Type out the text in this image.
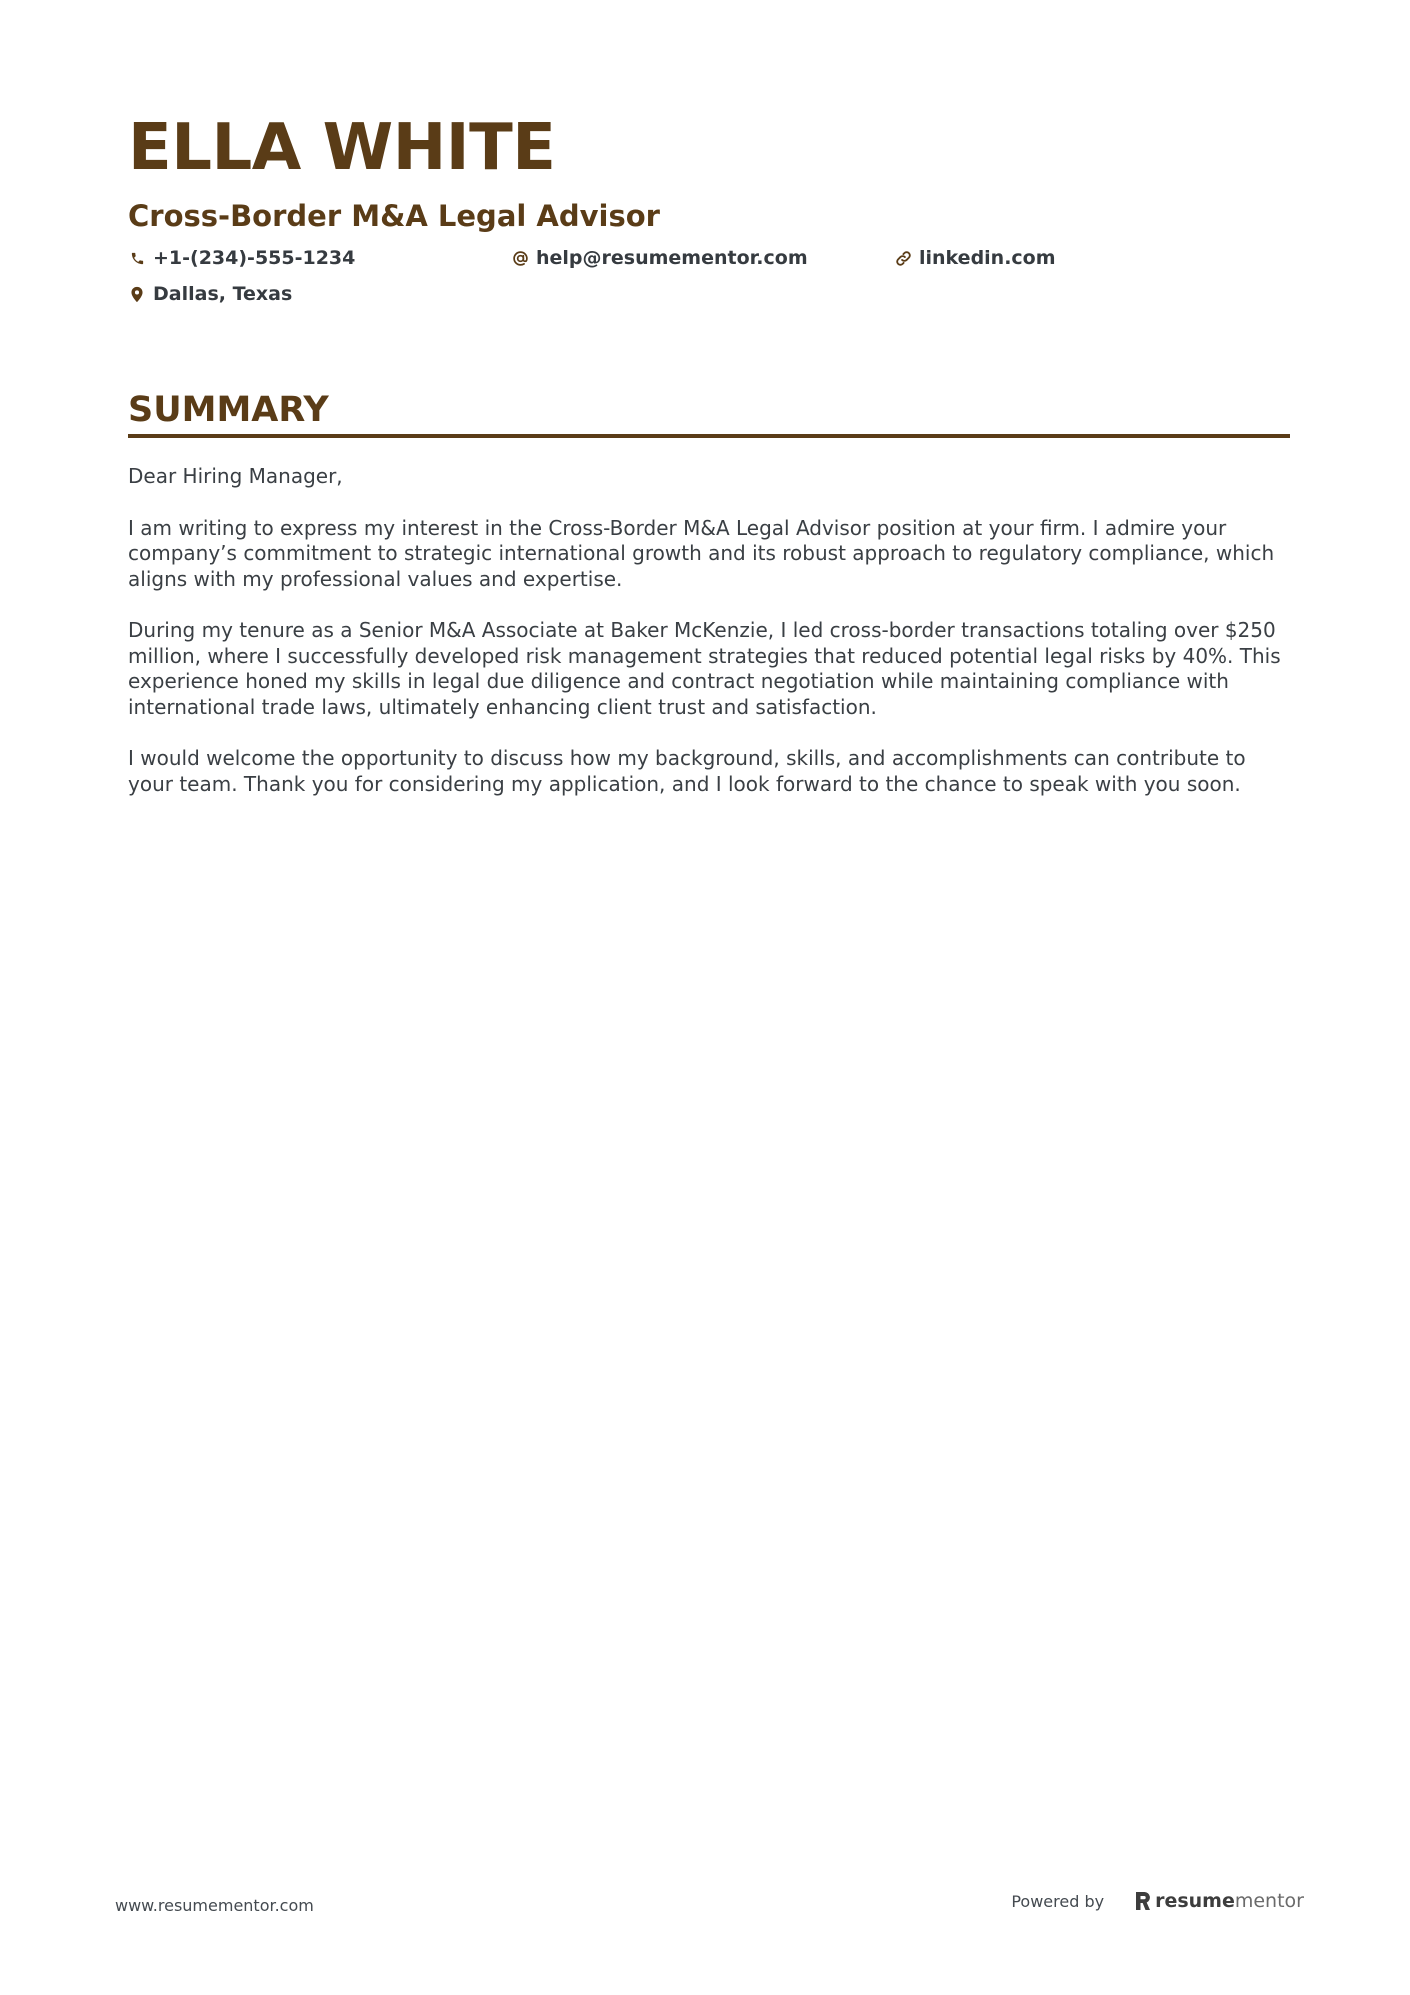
ELLA WHITE
Cross-Border M&A Legal Advisor
+1-(234)-555-1234	help@resumementor.com	linkedin.com
Dallas, Texas
SUMMARY

Dear Hiring Manager,

I am writing to express my interest in the Cross-Border M&A Legal Advisor position at your firm. I admire your company’s commitment to strategic international growth and its robust approach to regulatory compliance, which aligns with my professional values and expertise.

During my tenure as a Senior M&A Associate at Baker McKenzie, I led cross-border transactions totaling over $250 million, where I successfully developed risk management strategies that reduced potential legal risks by 40%. This experience honed my skills in legal due diligence and contract negotiation while maintaining compliance with international trade laws, ultimately enhancing client trust and satisfaction.

I would welcome the opportunity to discuss how my background, skills, and accomplishments can contribute to your team. Thank you for considering my application, and I look forward to the chance to speak with you soon.

www.resumementor.com	Powered by	resume mentor
